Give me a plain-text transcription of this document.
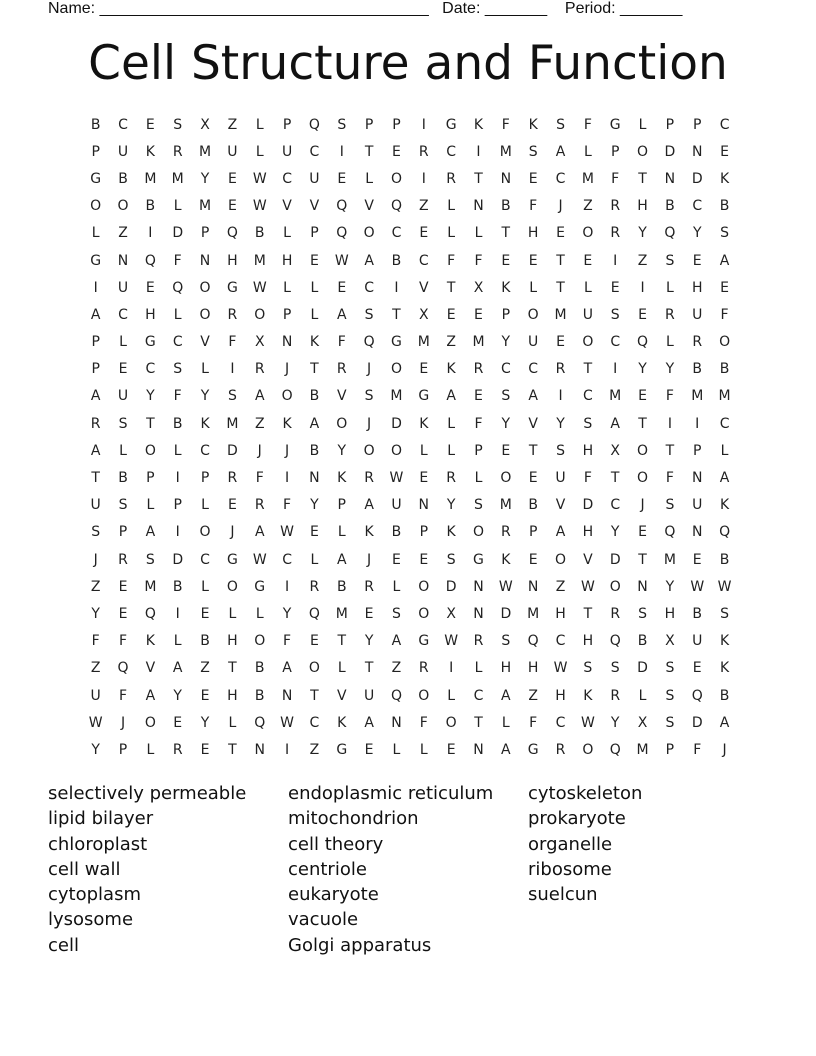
Name: _____________________________________   Date: _______    Period: _______
Cell Structure and Function
B	C	E	S	X	Z	L	P	Q	S	P	P	I	G	K	F	K	S	F	G	L	P	P	C
P	U	K	R	M	U	L	U	C	I	T	E	R	C	I	M	S	A	L	P	O	D	N	E
G	B	M	M	Y	E	W	C	U	E	L	O	I	R	T	N	E	C	M	F	T	N	D	K
O	O	B	L	M	E	W	V	V	Q	V	Q	Z	L	N	B	F	J	Z	R	H	B	C	B
L	Z	I	D	P	Q	B	L	P	Q	O	C	E	L	L	T	H	E	O	R	Y	Q	Y	S
G	N	Q	F	N	H	M	H	E	W	A	B	C	F	F	E	E	T	E	I	Z	S	E	A
I	U	E	Q	O	G	W	L	L	E	C	I	V	T	X	K	L	T	L	E	I	L	H	E
A	C	H	L	O	R	O	P	L	A	S	T	X	E	E	P	O	M	U	S	E	R	U	F
P	L	G	C	V	F	X	N	K	F	Q	G	M	Z	M	Y	U	E	O	C	Q	L	R	O
P	E	C	S	L	I	R	J	T	R	J	O	E	K	R	C	C	R	T	I	Y	Y	B	B
A	U	Y	F	Y	S	A	O	B	V	S	M	G	A	E	S	A	I	C	M	E	F	M	M
R	S	T	B	K	M	Z	K	A	O	J	D	K	L	F	Y	V	Y	S	A	T	I	I	C
A	L	O	L	C	D	J	J	B	Y	O	O	L	L	P	E	T	S	H	X	O	T	P	L
T	B	P	I	P	R	F	I	N	K	R	W	E	R	L	O	E	U	F	T	O	F	N	A
U	S	L	P	L	E	R	F	Y	P	A	U	N	Y	S	M	B	V	D	C	J	S	U	K
S	P	A	I	O	J	A	W	E	L	K	B	P	K	O	R	P	A	H	Y	E	Q	N	Q
J	R	S	D	C	G	W	C	L	A	J	E	E	S	G	K	E	O	V	D	T	M	E	B
Z	E	M	B	L	O	G	I	R	B	R	L	O	D	N	W	N	Z	W	O	N	Y	W W
Y	E	Q	I	E	L	L	Y	Q	M	E	S	O	X	N	D	M	H	T	R	S	H	B	S
F	F	K	L	B	H	O	F	E	T	Y	A	G	W	R	S	Q	C	H	Q	B	X	U	K
Z	Q	V	A	Z	T	B	A	O	L	T	Z	R	I	L	H	H	W	S	S	D	S	E	K
U	F	A	Y	E	H	B	N	T	V	U	Q	O	L	C	A	Z	H	K	R	L	S	Q	B
W	J	O	E	Y	L	Q	W	C	K	A	N	F	O	T	L	F	C	W	Y	X	S	D	A
Y	P	L	R	E	T	N	I	Z	G	E	L	L	E	N	A	G	R	O	Q	M	P	F	J
selectively permeable
lipid bilayer
chloroplast
cell wall
cytoplasm
lysosome
cell
endoplasmic reticulum
mitochondrion
cell theory
centriole
eukaryote
vacuole
Golgi apparatus
cytoskeleton
prokaryote
organelle
ribosome
suelcun
